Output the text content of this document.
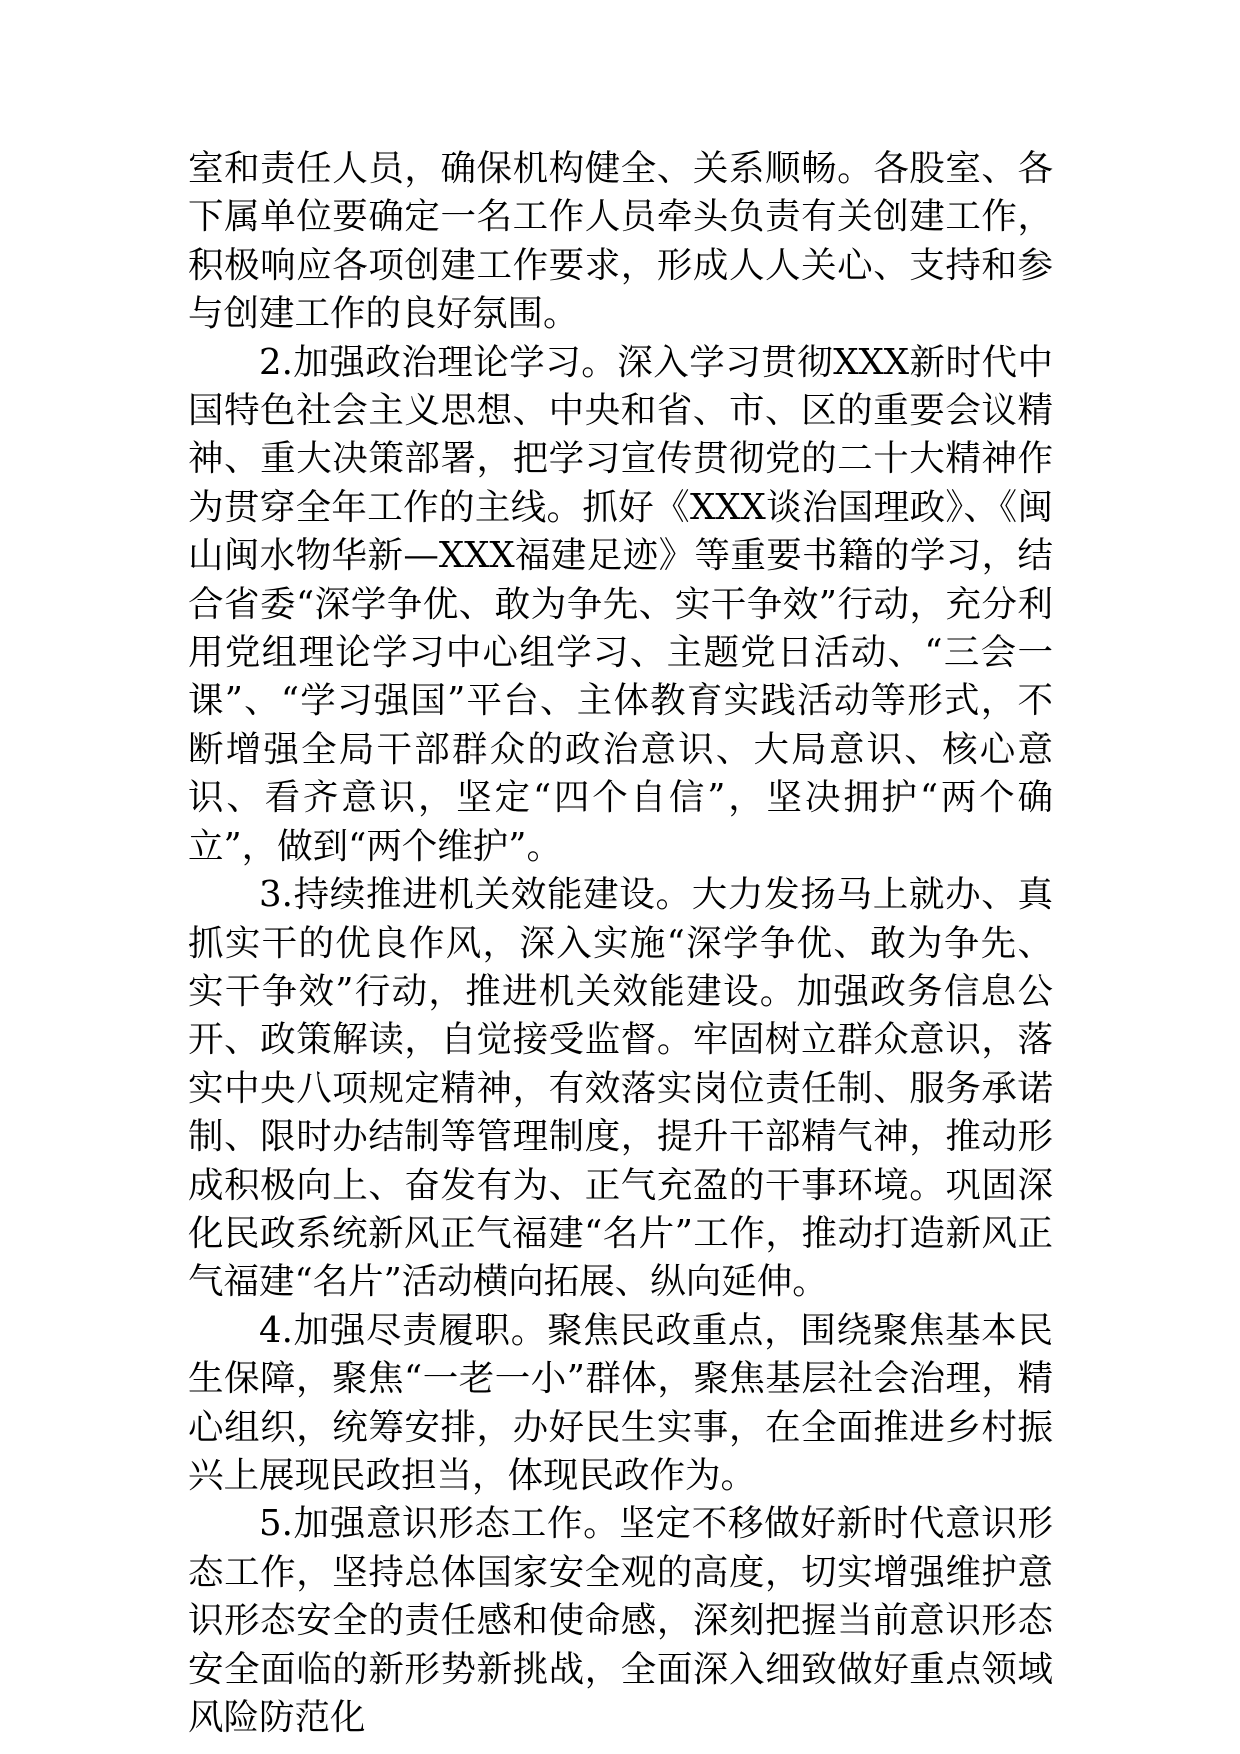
室和责任人员，确保机构健全、关系顺畅。各股室、各下属单位要确定一名工作人员牵头负责有关创建工作，积极响应各项创建工作要求，形成人人关心、支持和参与创建工作的良好氛围。

2.加强政治理论学习。深入学习贯彻XXX新时代中国特色社会主义思想、中央和省、市、区的重要会议精神、重大决策部署，把学习宣传贯彻党的二十大精神作为贯穿全年工作的主线。抓好《XXX谈治国理政》、《闽山闽水物华新—XXX福建足迹》等重要书籍的学习，结合省委“深学争优、敢为争先、实干争效”行动，充分利用党组理论学习中心组学习、主题党日活动、“三会一课”、“学习强国”平台、主体教育实践活动等形式，不断增强全局干部群众的政治意识、大局意识、核心意识、看齐意识，坚定“四个自信”，坚决拥护“两个确立”，做到“两个维护”。

3.持续推进机关效能建设。大力发扬马上就办、真抓实干的优良作风，深入实施“深学争优、敢为争先、实干争效”行动，推进机关效能建设。加强政务信息公开、政策解读，自觉接受监督。牢固树立群众意识，落实中央八项规定精神，有效落实岗位责任制、服务承诺制、限时办结制等管理制度，提升干部精气神，推动形成积极向上、奋发有为、正气充盈的干事环境。巩固深化民政系统新风正气福建“名片”工作，推动打造新风正气福建“名片”活动横向拓展、纵向延伸。

4.加强尽责履职。聚焦民政重点，围绕聚焦基本民生保障，聚焦“一老一小”群体，聚焦基层社会治理，精心组织，统筹安排，办好民生实事，在全面推进乡村振兴上展现民政担当，体现民政作为。

5.加强意识形态工作。坚定不移做好新时代意识形态工作，坚持总体国家安全观的高度，切实增强维护意识形态安全的责任感和使命感，深刻把握当前意识形态安全面临的新形势新挑战，全面深入细致做好重点领域风险防范化
